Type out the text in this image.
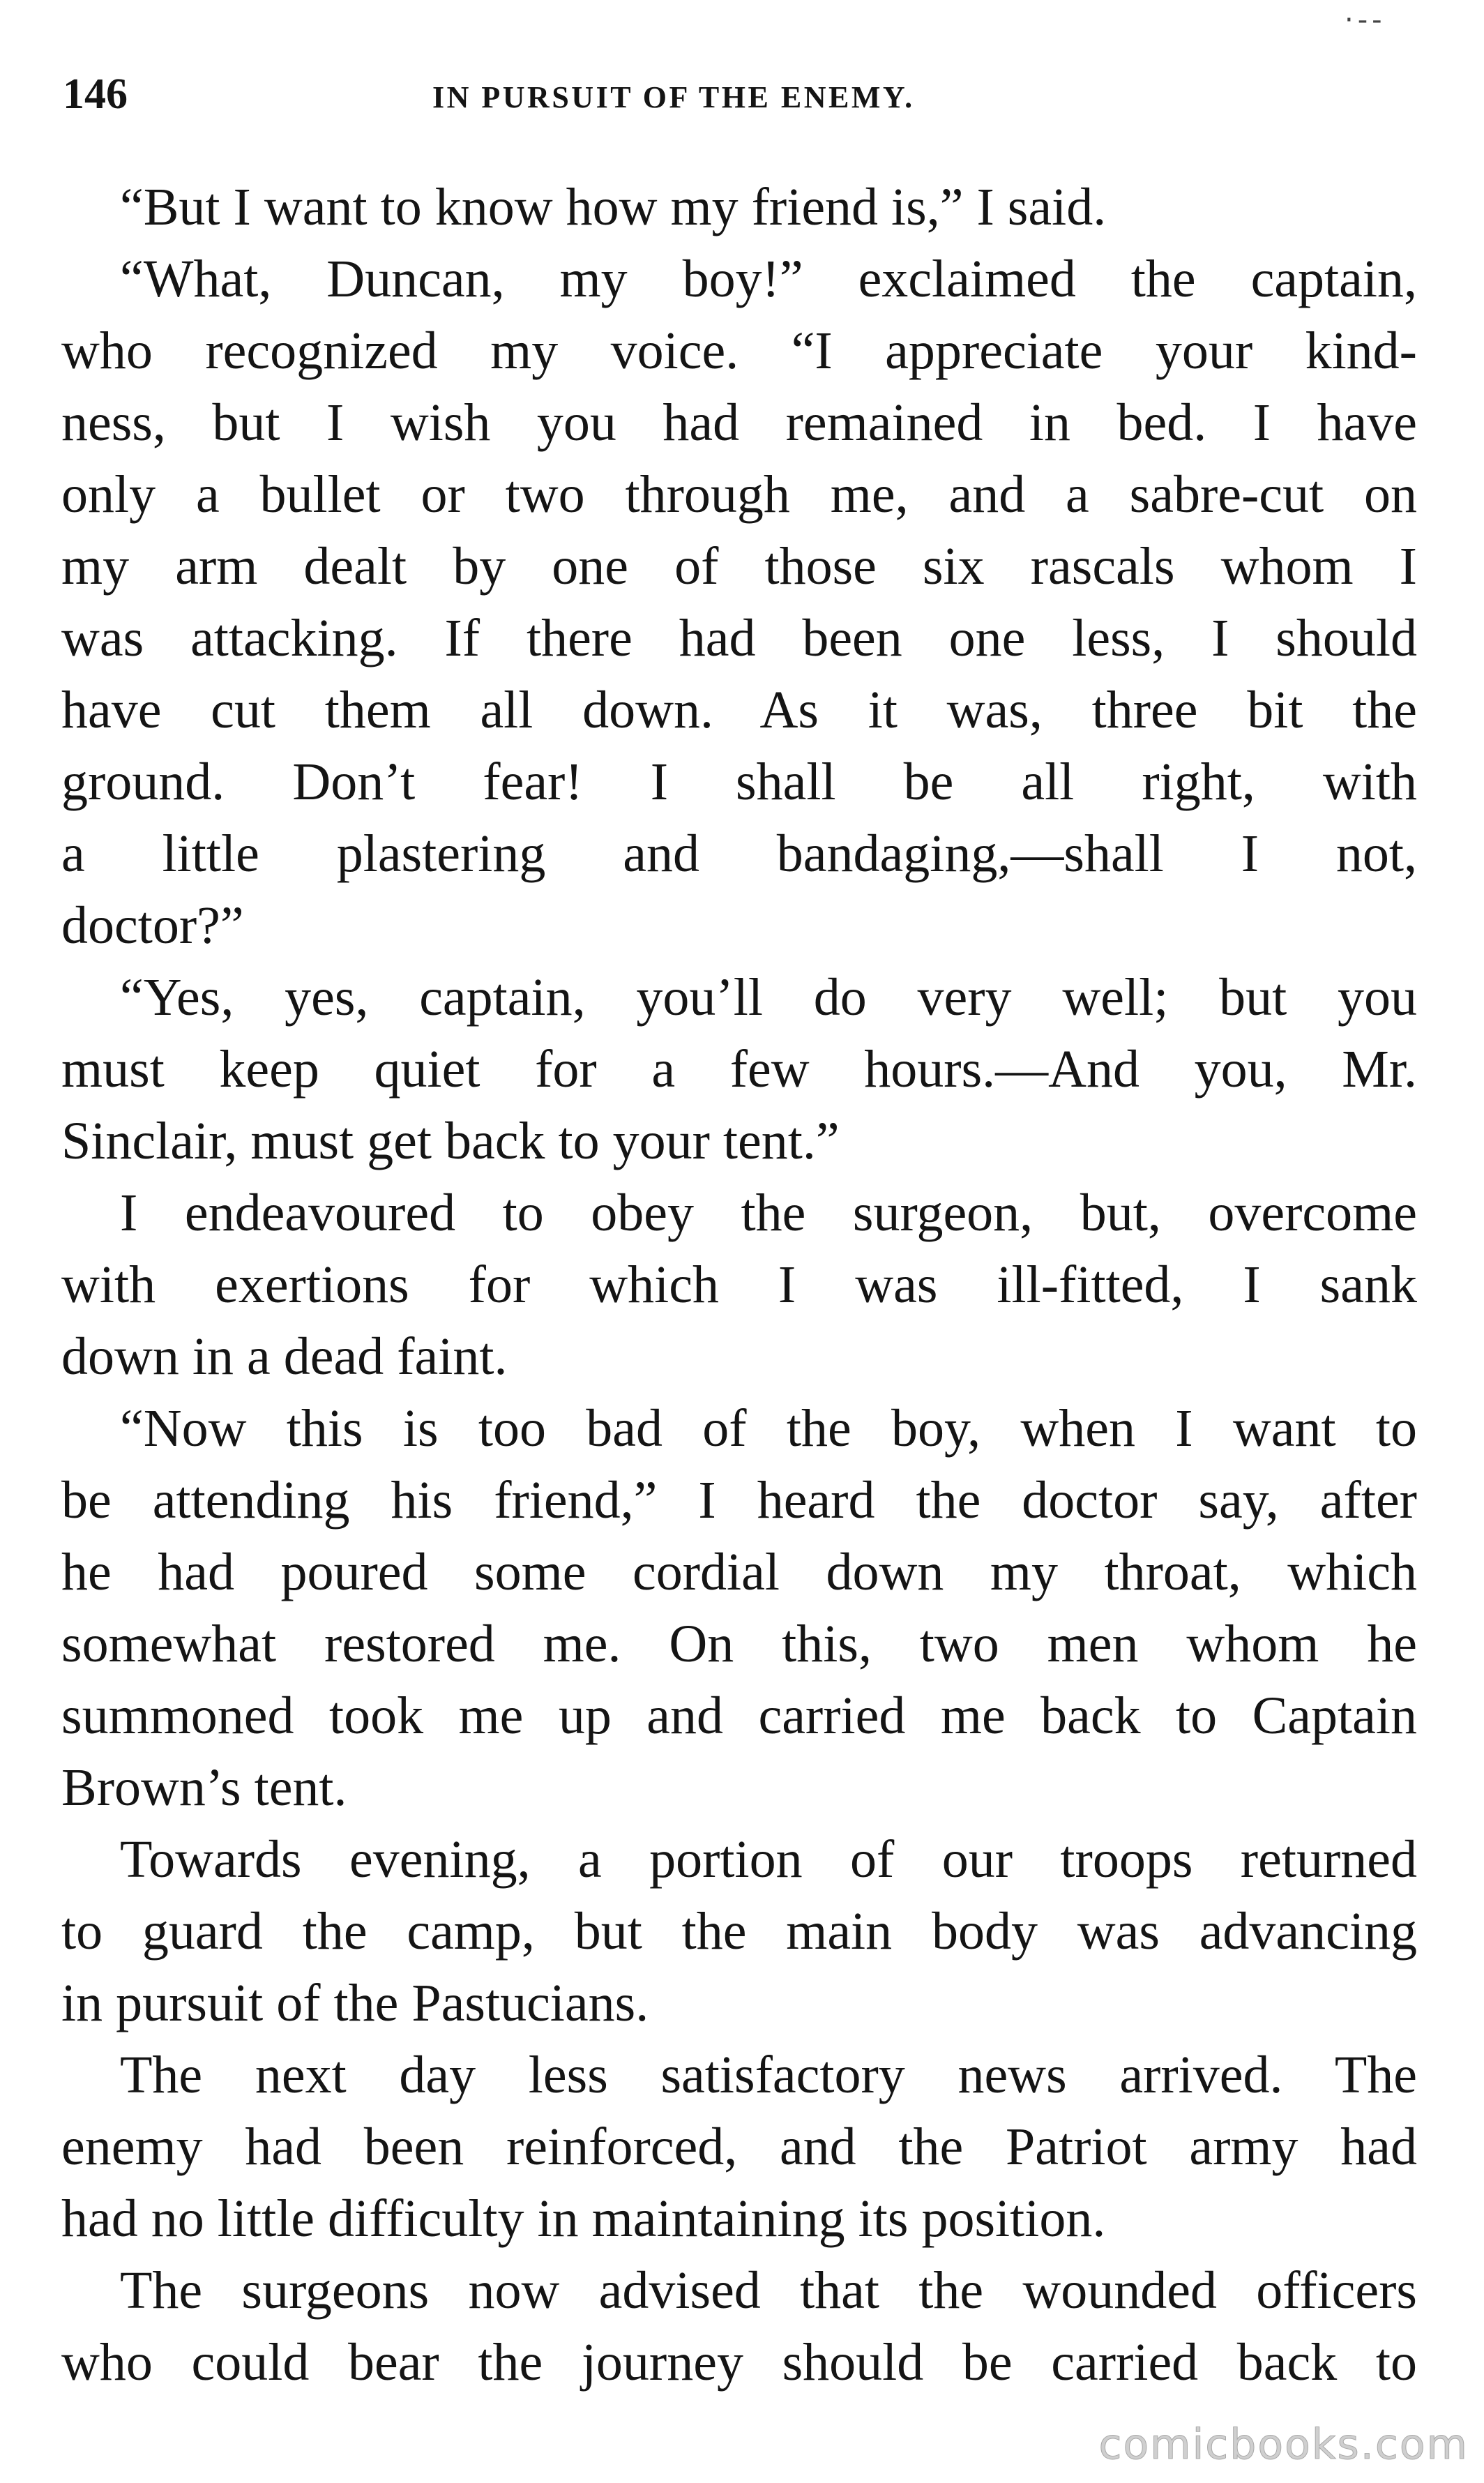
·--
146	IN PURSUIT OF THE ENEMY.
“But I want to know how my friend is,” I said.
“What, Duncan, my boy!” exclaimed the captain,
who recognized my voice. “I appreciate your kind-
ness, but I wish you had remained in bed. I have
only a bullet or two through me, and a sabre-cut on
my arm dealt by one of those six rascals whom I
was attacking. If there had been one less, I should
have cut them all down. As it was, three bit the
ground. Don’t fear! I shall be all right, with
a little plastering and bandaging,—shall I not,
doctor?”
“Yes, yes, captain, you’ll do very well; but you
must keep quiet for a few hours.—And you, Mr.
Sinclair, must get back to your tent.”
I endeavoured to obey the surgeon, but, overcome
with exertions for which I was ill-fitted, I sank
down in a dead faint.
“Now this is too bad of the boy, when I want to
be attending his friend,” I heard the doctor say, after
he had poured some cordial down my throat, which
somewhat restored me. On this, two men whom he
summoned took me up and carried me back to Captain
Brown’s tent.
Towards evening, a portion of our troops returned
to guard the camp, but the main body was advancing
in pursuit of the Pastucians.
The next day less satisfactory news arrived. The
enemy had been reinforced, and the Patriot army had
had no little difficulty in maintaining its position.
The surgeons now advised that the wounded officers
who could bear the journey should be carried back to
comicbooks.com
